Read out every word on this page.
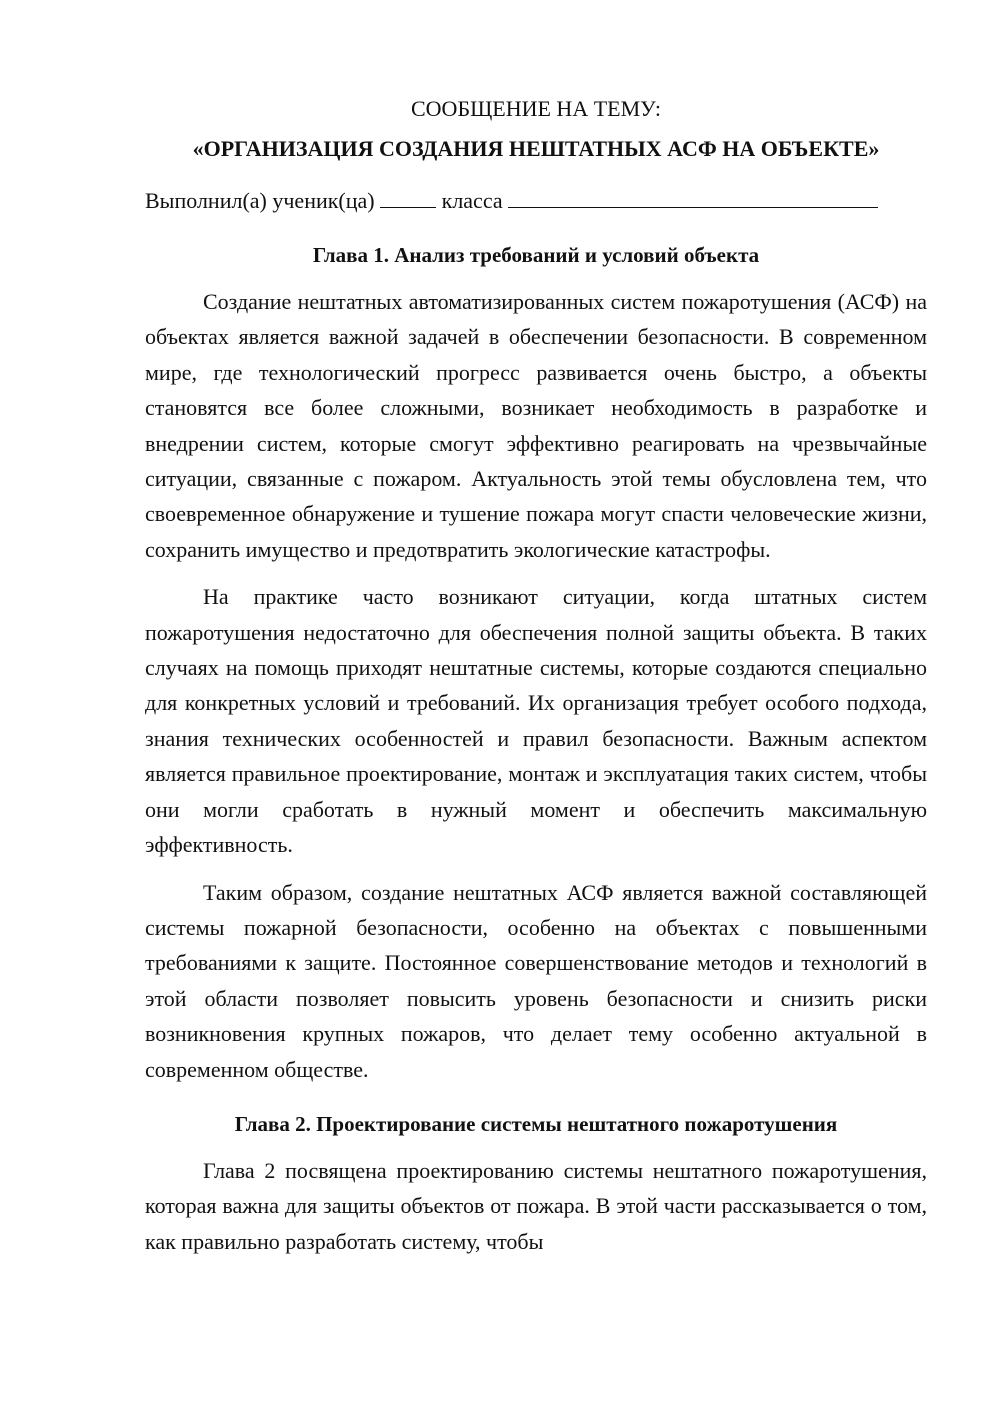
СООБЩЕНИЕ НА ТЕМУ:

«ОРГАНИЗАЦИЯ СОЗДАНИЯ НЕШТАТНЫХ АСФ НА ОБЪЕКТЕ»

Выполнил(а) ученик(ца)	класса

Глава 1. Анализ требований и условий объекта

Создание нештатных автоматизированных систем пожаротушения (АСФ) на объектах является важной задачей в обеспечении безопасности. В современном мире, где технологический прогресс развивается очень быстро, а объекты становятся все более сложными, возникает необходимость в разработке и внедрении систем, которые смогут эффективно реагировать на чрезвычайные ситуации, связанные с пожаром. Актуальность этой темы обусловлена тем, что своевременное обнаружение и тушение пожара могут спасти человеческие жизни, сохранить имущество и предотвратить экологические катастрофы.

На практике часто возникают ситуации, когда штатных систем пожаротушения недостаточно для обеспечения полной защиты объекта. В таких случаях на помощь приходят нештатные системы, которые создаются специально для конкретных условий и требований. Их организация требует особого подхода, знания технических особенностей и правил безопасности. Важным аспектом является правильное проектирование, монтаж и эксплуатация таких систем, чтобы они могли сработать в нужный момент и обеспечить максимальную эффективность.

Таким образом, создание нештатных АСФ является важной составляющей системы пожарной безопасности, особенно на объектах с повышенными требованиями к защите. Постоянное совершенствование методов и технологий в этой области позволяет повысить уровень безопасности и снизить риски возникновения крупных пожаров, что делает тему особенно актуальной в современном обществе.

Глава 2. Проектирование системы нештатного пожаротушения

Глава 2 посвящена проектированию системы нештатного пожаротушения, которая важна для защиты объектов от пожара. В этой части рассказывается о том, как правильно разработать систему, чтобы
